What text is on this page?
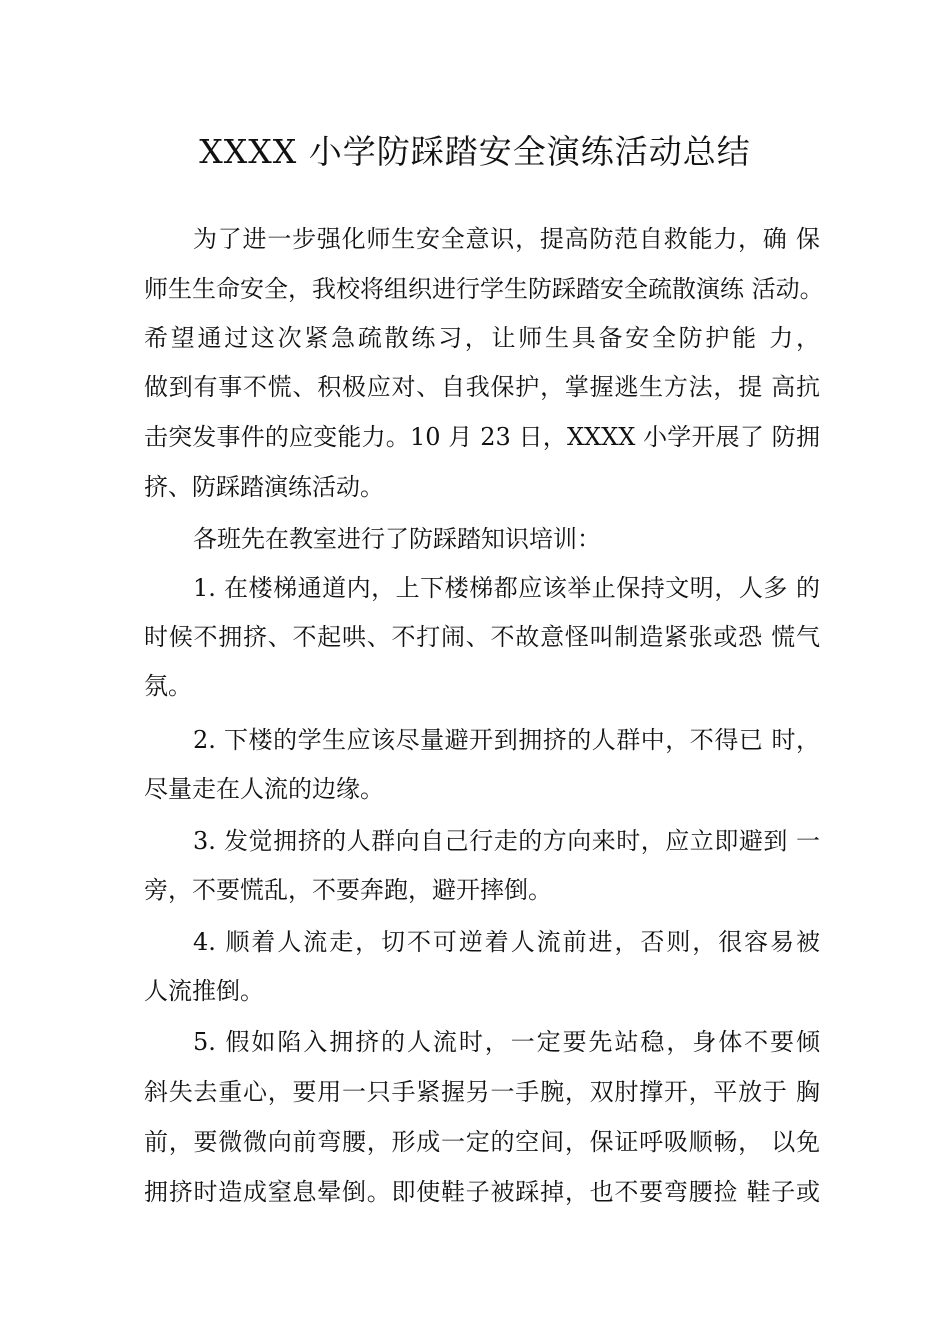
XXXX 小学防踩踏安全演练活动总结
为了进一步强化师生安全意识，提高防范自救能力，确 保
师生生命安全，我校将组织进行学生防踩踏安全疏散演练 活动。
希望通过这次紧急疏散练习，让师生具备安全防护能 力，
做到有事不慌、积极应对、自我保护，掌握逃生方法，提 高抗
击突发事件的应变能力。10 月 23 日，XXXX 小学开展了 防拥
挤、防踩踏演练活动。
各班先在教室进行了防踩踏知识培训：
1. 在楼梯通道内，上下楼梯都应该举止保持文明，人多 的
时候不拥挤、不起哄、不打闹、不故意怪叫制造紧张或恐 慌气
氛。
2. 下楼的学生应该尽量避开到拥挤的人群中，不得已 时，
尽量走在人流的边缘。
3. 发觉拥挤的人群向自己行走的方向来时，应立即避到 一
旁，不要慌乱，不要奔跑，避开摔倒。
4. 顺着人流走，切不可逆着人流前进，否则，很容易被
人流推倒。
5. 假如陷入拥挤的人流时，一定要先站稳，身体不要倾
斜失去重心，要用一只手紧握另一手腕，双肘撑开，平放于 胸
前，要微微向前弯腰，形成一定的空间，保证呼吸顺畅， 以免
拥挤时造成窒息晕倒。即使鞋子被踩掉，也不要弯腰捡 鞋子或
